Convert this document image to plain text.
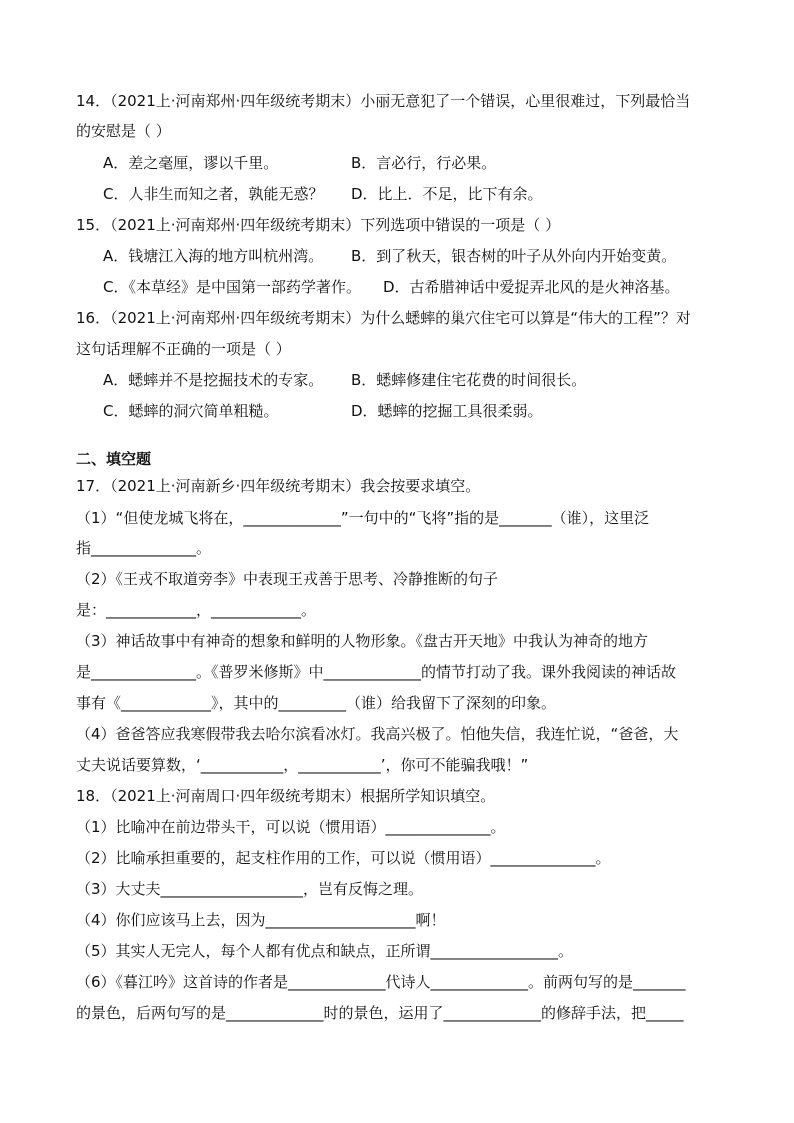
14．（2021上·河南郑州·四年级统考期末）小丽无意犯了一个错误，心里很难过，下列最恰当
的安慰是（ ）
A．差之毫厘，谬以千里。	B．言必行，行必果。
C．人非生而知之者，孰能无惑？ D．比上．不足，比下有余。
15．（2021上·河南郑州·四年级统考期末）下列选项中错误的一项是（ ）
A．钱塘江入海的地方叫杭州湾。 B．到了秋天，银杏树的叶子从外向内开始变黄。
C．《本草经》是中国第一部药学著作。 D．古希腊神话中爱捉弄北风的是火神洛基。
16．（2021上·河南郑州·四年级统考期末）为什么蟋蟀的巢穴住宅可以算是“伟大的工程”？对
这句话理解不正确的一项是（ ）
A．蟋蟀并不是挖掘技术的专家。 B．蟋蟀修建住宅花费的时间很长。
C．蟋蟀的洞穴简单粗糙。	D．蟋蟀的挖掘工具很柔弱。
二、填空题
17．（2021上·河南新乡·四年级统考期末）我会按要求填空。
（1）“但使龙城飞将在，_____________”一句中的“飞将”指的是_______（谁），这里泛
指______________。
（2）《王戎不取道旁李》中表现王戎善于思考、冷静推断的句子
是：____________，____________。
（3）神话故事中有神奇的想象和鲜明的人物形象。《盘古开天地》中我认为神奇的地方
是______________。《普罗米修斯》中_____________的情节打动了我。课外我阅读的神话故
事有《____________》，其中的_________（谁）给我留下了深刻的印象。
（4）爸爸答应我寒假带我去哈尔滨看冰灯。我高兴极了。怕他失信，我连忙说，“爸爸，大
丈夫说话要算数，‘___________，___________’，你可不能骗我哦！”
18．（2021上·河南周口·四年级统考期末）根据所学知识填空。
（1）比喻冲在前边带头干，可以说（惯用语）______________。
（2）比喻承担重要的，起支柱作用的工作，可以说（惯用语）______________。
（3）大丈夫___________________，岂有反悔之理。
（4）你们应该马上去，因为____________________啊！
（5）其实人无完人，每个人都有优点和缺点，正所谓_________________。
（6）《暮江吟》这首诗的作者是_____________代诗人_____________。前两句写的是_______
的景色，后两句写的是_____________时的景色，运用了_____________的修辞手法，把_____
